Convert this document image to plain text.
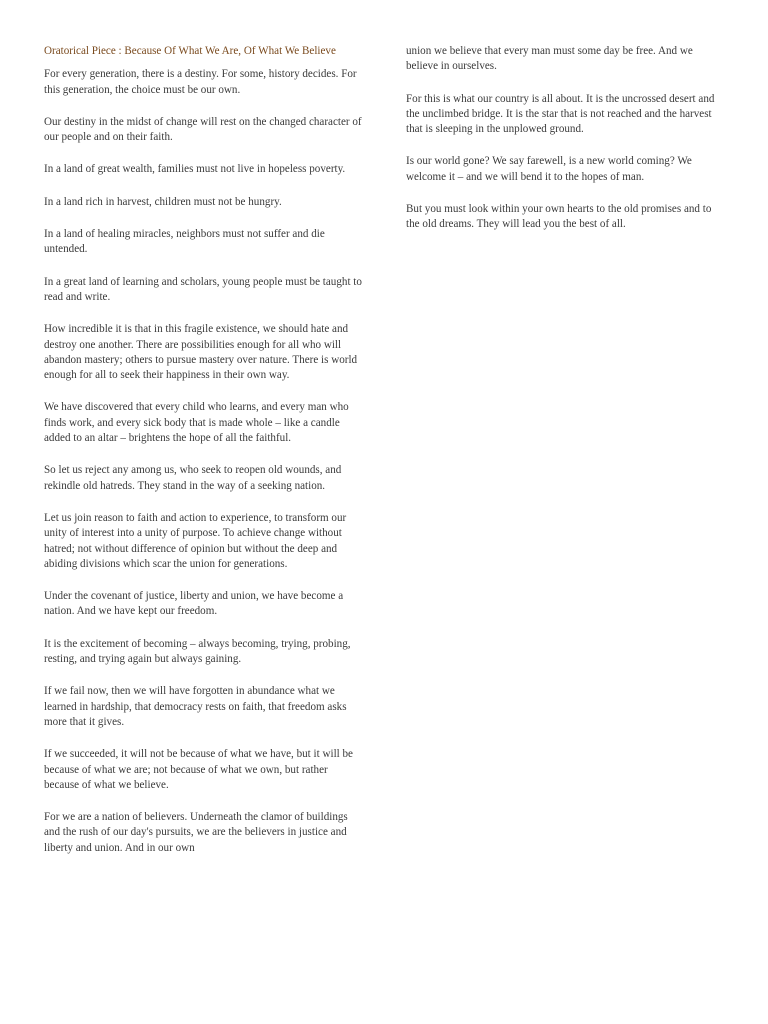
Oratorical Piece : Because Of What We Are, Of What We Believe

For every generation, there is a destiny. For some, history decides. For this generation, the choice must be our own.

Our destiny in the midst of change will rest on the changed character of our people and on their faith.

In a land of great wealth, families must not live in hopeless poverty.

In a land rich in harvest, children must not be hungry.

In a land of healing miracles, neighbors must not suffer and die untended.

In a great land of learning and scholars, young people must be taught to read and write.

How incredible it is that in this fragile existence, we should hate and destroy one another. There are possibilities enough for all who will abandon mastery; others to pursue mastery over nature. There is world enough for all to seek their happiness in their own way.

We have discovered that every child who learns, and every man who finds work, and every sick body that is made whole – like a candle added to an altar – brightens the hope of all the faithful.

So let us reject any among us, who seek to reopen old wounds, and rekindle old hatreds. They stand in the way of a seeking nation.

Let us join reason to faith and action to experience, to transform our unity of interest into a unity of purpose. To achieve change without hatred; not without difference of opinion but without the deep and abiding divisions which scar the union for generations.

Under the covenant of justice, liberty and union, we have become a nation. And we have kept our freedom.

It is the excitement of becoming – always becoming, trying, probing, resting, and trying again but always gaining.

If we fail now, then we will have forgotten in abundance what we learned in hardship, that democracy rests on faith, that freedom asks more that it gives.

If we succeeded, it will not be because of what we have, but it will be because of what we are; not because of what we own, but rather because of what we believe.

For we are a nation of believers. Underneath the clamor of buildings and the rush of our day's pursuits, we are the believers in justice and liberty and union. And in our own

union we believe that every man must some day be free. And we believe in ourselves.

For this is what our country is all about. It is the uncrossed desert and the unclimbed bridge. It is the star that is not reached and the harvest that is sleeping in the unplowed ground.

Is our world gone? We say farewell, is a new world coming? We welcome it – and we will bend it to the hopes of man.

But you must look within your own hearts to the old promises and to the old dreams. They will lead you the best of all.
